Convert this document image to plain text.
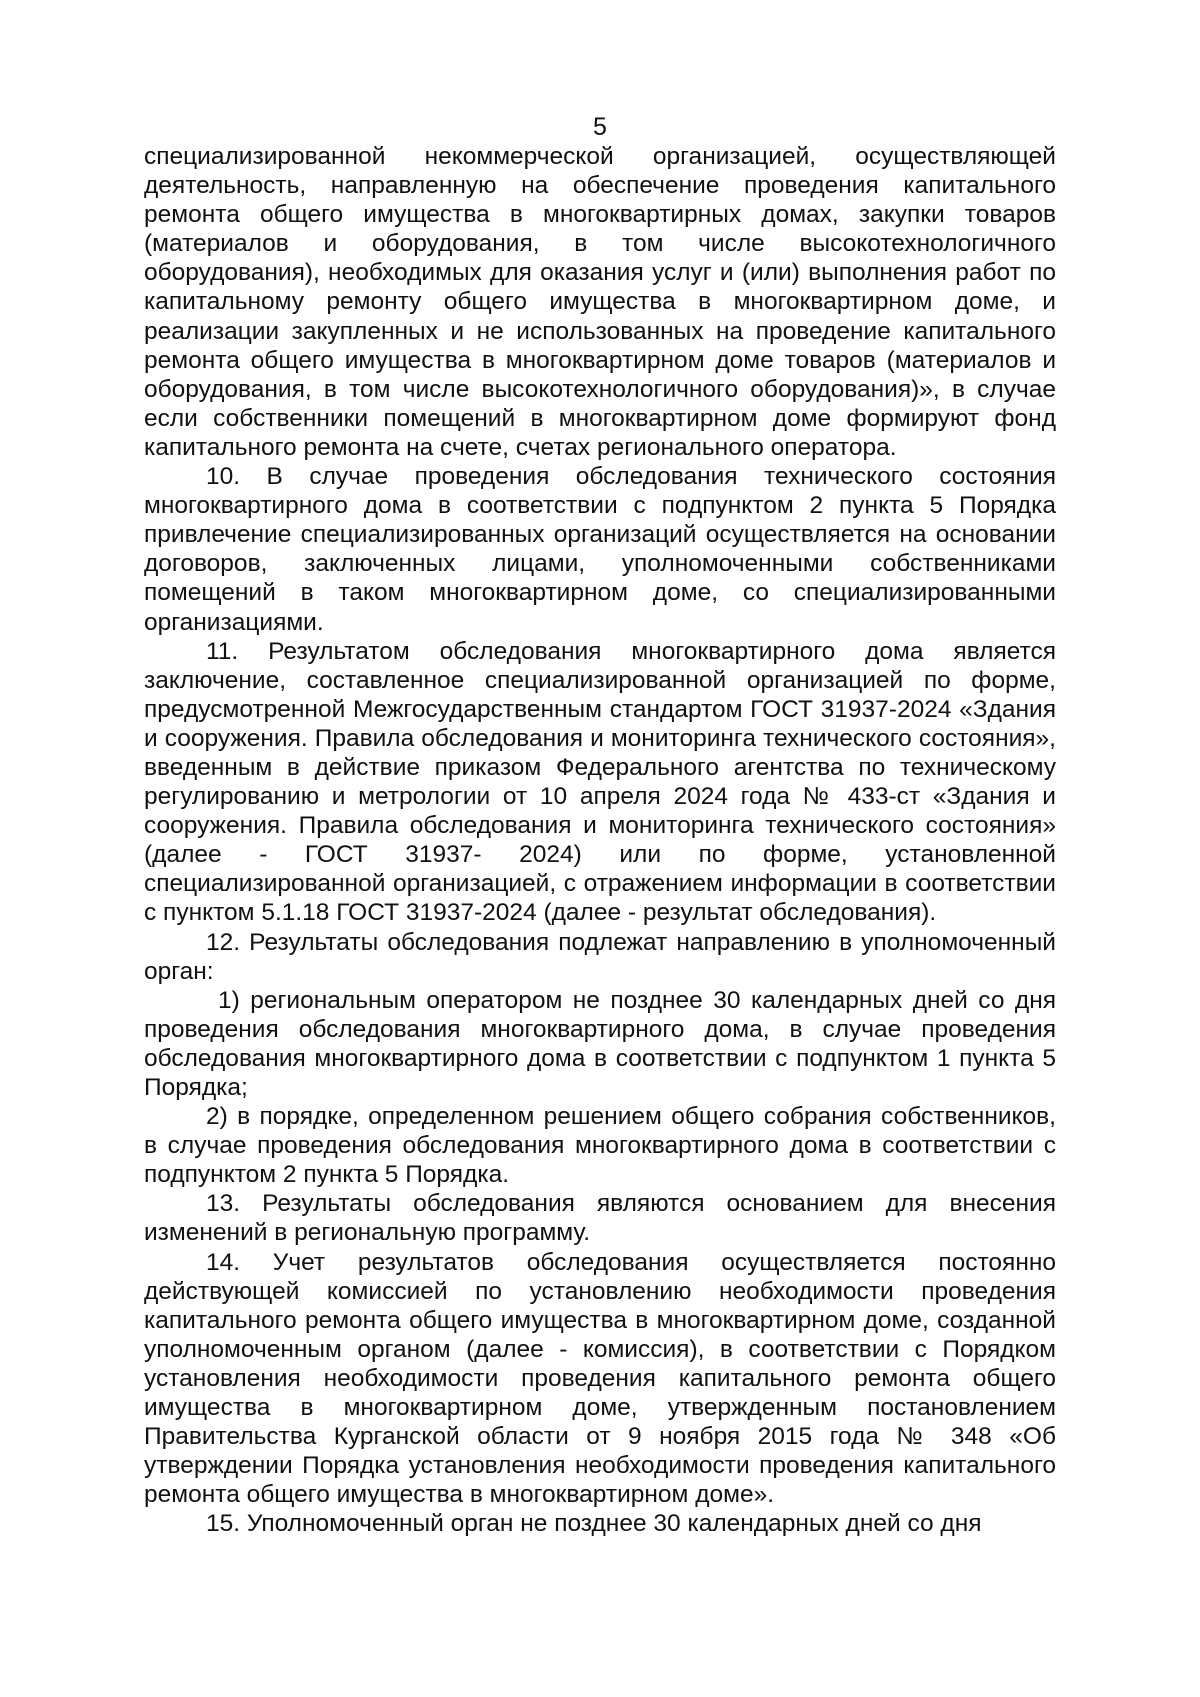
5

специализированной некоммерческой организацией, осуществляющей деятельность, направленную на обеспечение проведения капитального ремонта общего имущества в многоквартирных домах, закупки товаров (материалов и оборудования, в том числе высокотехнологичного оборудования), необходимых для оказания услуг и (или) выполнения работ по капитальному ремонту общего имущества в многоквартирном доме, и реализации закупленных и не использованных на проведение капитального ремонта общего имущества в многоквартирном доме товаров (материалов и оборудования, в том числе высокотехнологичного оборудования)», в случае если собственники помещений в многоквартирном доме формируют фонд капитального ремонта на счете, счетах регионального оператора.

10. В случае проведения обследования технического состояния многоквартирного дома в соответствии с подпунктом 2 пункта 5 Порядка привлечение специализированных организаций осуществляется на основании договоров, заключенных лицами, уполномоченными собственниками помещений в таком многоквартирном доме, со специализированными организациями.

11. Результатом обследования многоквартирного дома является заключение, составленное специализированной организацией по форме, предусмотренной Межгосударственным стандартом ГОСТ 31937-2024 «Здания и сооружения. Правила обследования и мониторинга технического состояния», введенным в действие приказом Федерального агентства по техническому регулированию и метрологии от 10 апреля 2024 года № 433-ст «Здания и сооружения. Правила обследования и мониторинга технического состояния» (далее - ГОСТ 31937- 2024) или по форме, установленной специализированной организацией, с отражением информации в соответствии с пунктом 5.1.18 ГОСТ 31937-2024 (далее - результат обследования).

12. Результаты обследования подлежат направлению в уполномоченный орган:

1) региональным оператором не позднее 30 календарных дней со дня проведения обследования многоквартирного дома, в случае проведения обследования многоквартирного дома в соответствии с подпунктом 1 пункта 5 Порядка;

2) в порядке, определенном решением общего собрания собственников, в случае проведения обследования многоквартирного дома в соответствии с подпунктом 2 пункта 5 Порядка.

13. Результаты обследования являются основанием для внесения изменений в региональную программу.

14. Учет результатов обследования осуществляется постоянно действующей комиссией по установлению необходимости проведения капитального ремонта общего имущества в многоквартирном доме, созданной уполномоченным органом (далее - комиссия), в соответствии с Порядком установления необходимости проведения капитального ремонта общего имущества в многоквартирном доме, утвержденным постановлением Правительства Курганской области от 9 ноября 2015 года № 348 «Об утверждении Порядка установления необходимости проведения капитального ремонта общего имущества в многоквартирном доме».

15. Уполномоченный орган не позднее 30 календарных дней со дня
